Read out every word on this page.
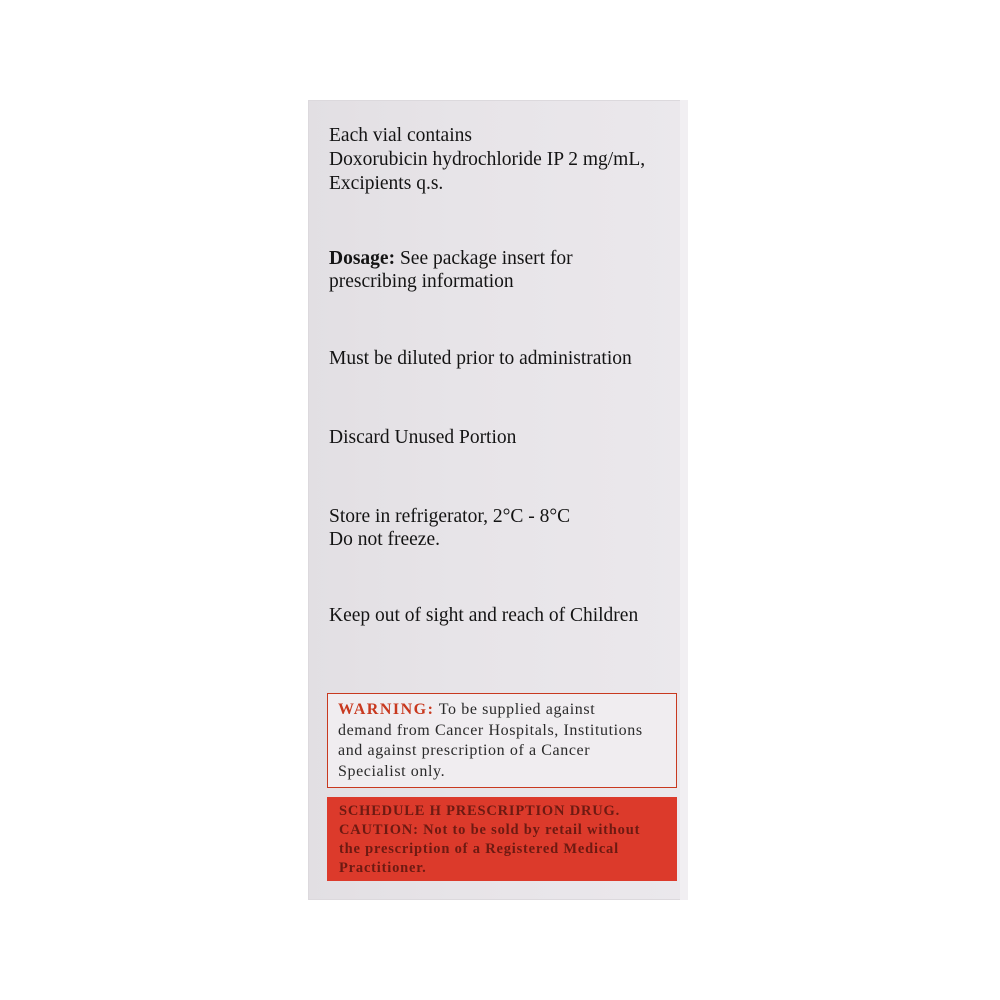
Each vial contains
Doxorubicin hydrochloride IP 2 mg/mL,
Excipients q.s.
Dosage: See package insert for
prescribing information
Must be diluted prior to administration
Discard Unused Portion
Store in refrigerator, 2°C - 8°C
Do not freeze.
Keep out of sight and reach of Children
WARNING: To be supplied against
demand from Cancer Hospitals, Institutions
and against prescription of a Cancer
Specialist only.
SCHEDULE H PRESCRIPTION DRUG.
CAUTION: Not to be sold by retail without
the prescription of a Registered Medical
Practitioner.
